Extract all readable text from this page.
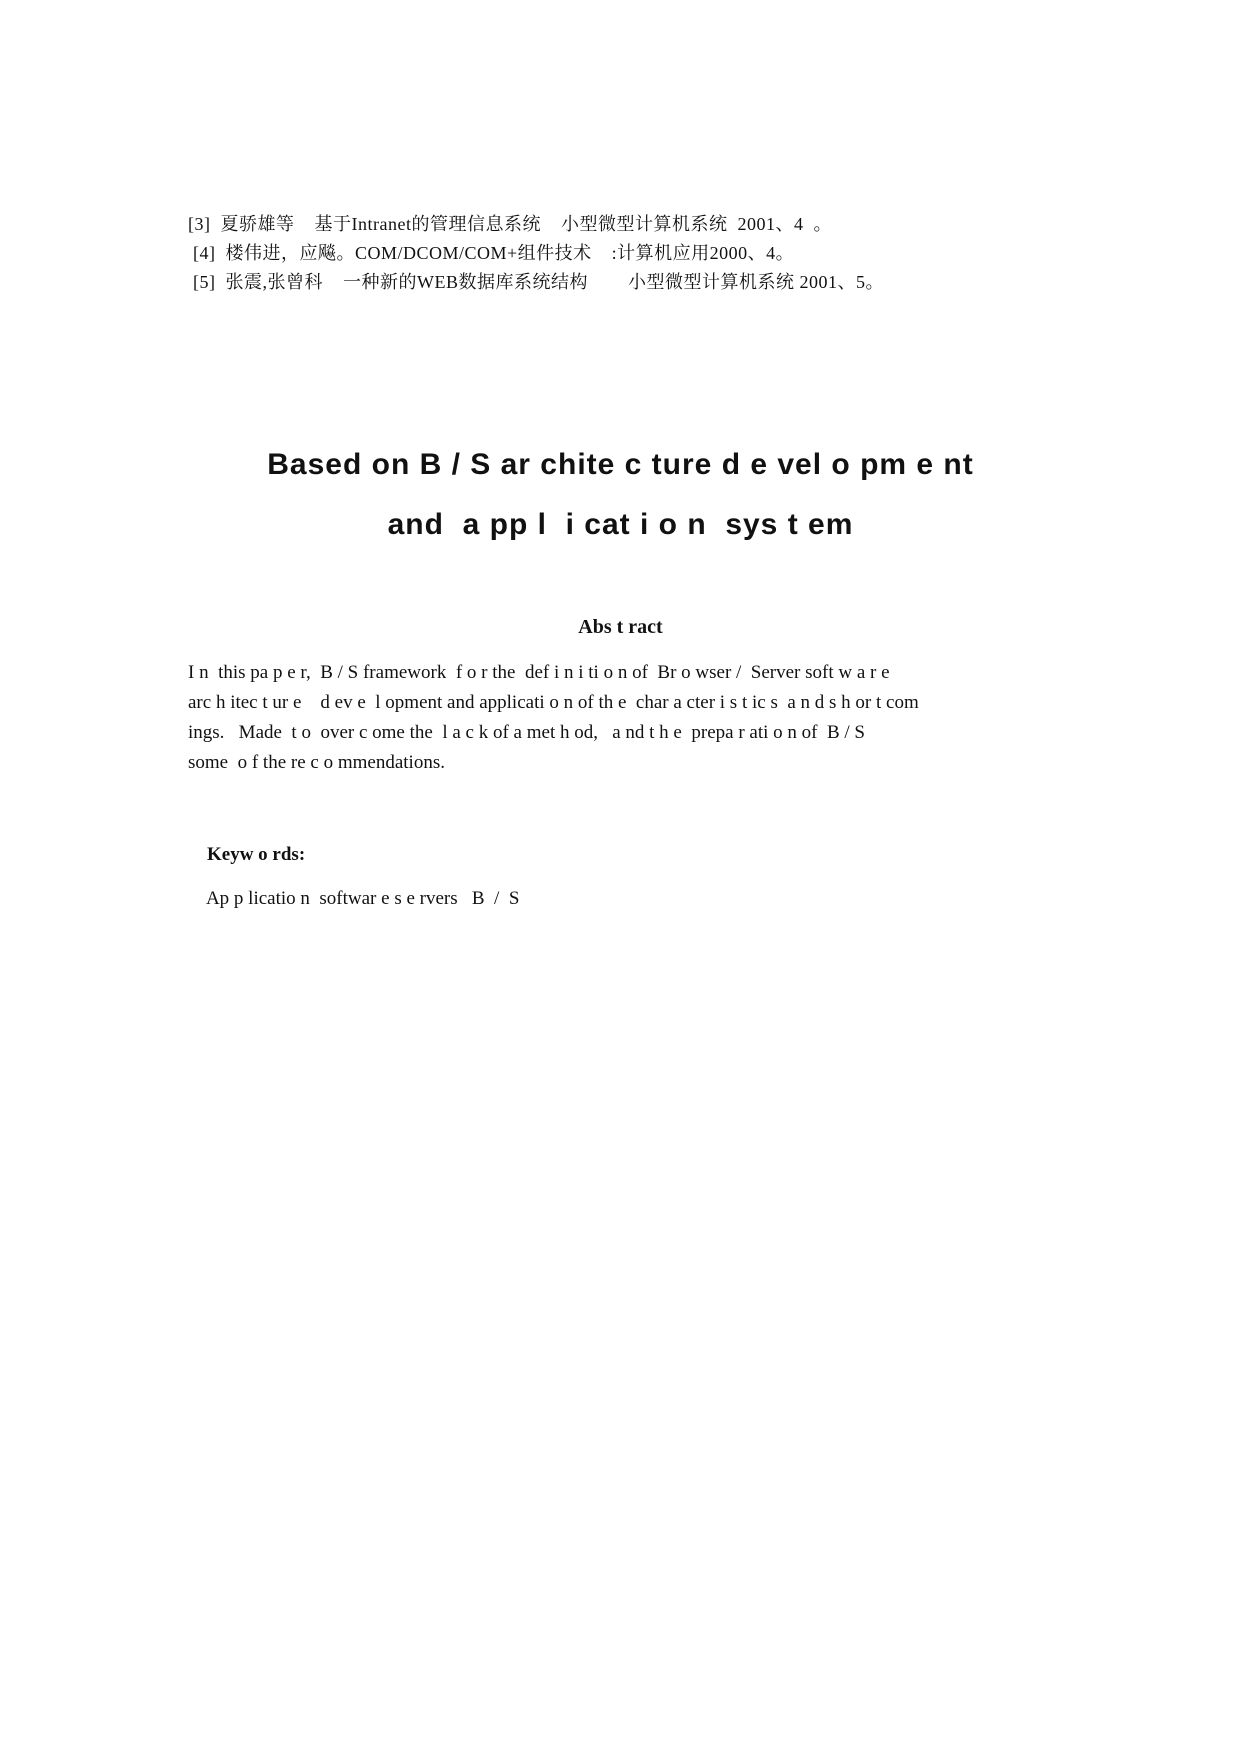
[3]  夏骄雄等    基于Intranet的管理信息系统    小型微型计算机系统  2001、4  。
[4]  楼伟进，应飚。COM/DCOM/COM+组件技术    :计算机应用2000、4。
[5]  张震,张曾科    一种新的WEB数据库系统结构        小型微型计算机系统 2001、5。
Based on B / S ar chite c ture d e vel o pm e nt
and  a pp l  i cat i o n  sys t em
Abs t ract
I n  this pa p e r,  B / S framework  f o r the  def i n i ti o n of  Br o wser /  Server soft w a r e
arc h itec t ur e    d ev e  l opment and applicati o n of th e  char a cter i s t ic s  a n d s h or t com
ings.   Made  t o  over c ome the  l a c k of a met h od,   a nd t h e  prepa r ati o n of  B / S
some  o f the re c o mmendations.

Keyw o rds:

Ap p licatio n  softwar e s e rvers   B  /  S
